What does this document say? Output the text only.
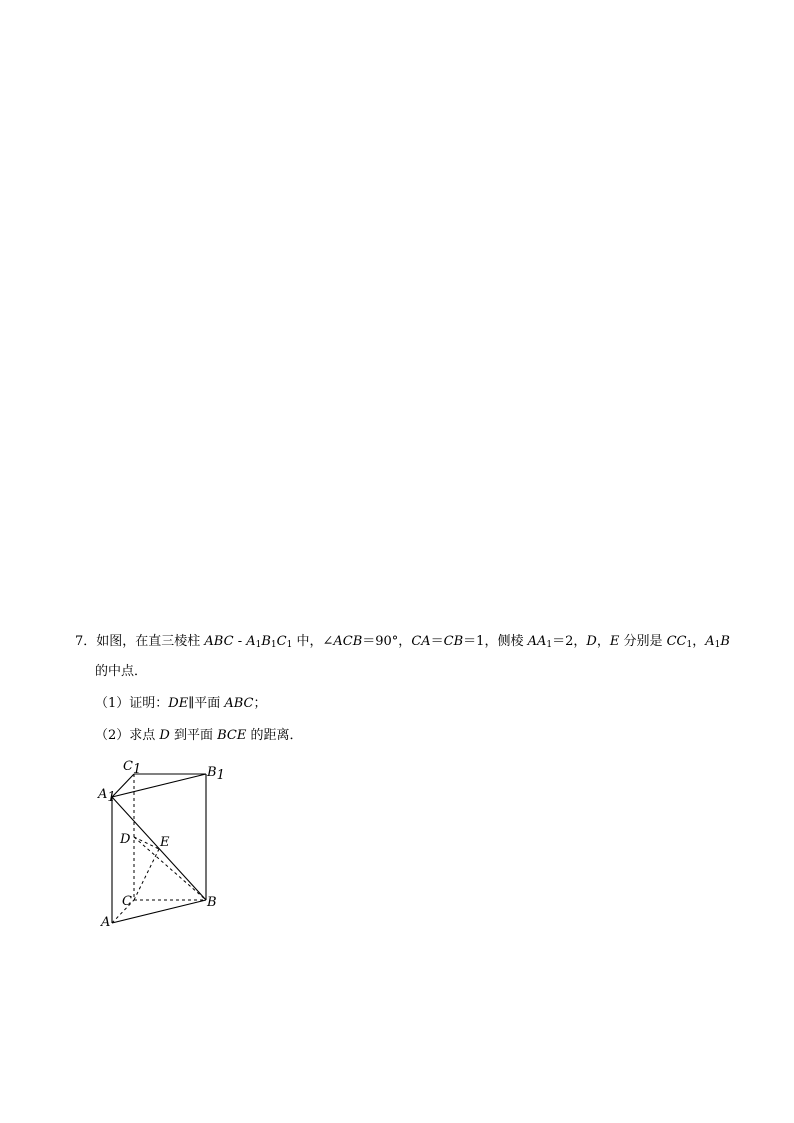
7．如图，在直三棱柱 ABC - $A_1B_1C_1$ 中，∠ACB＝90°，CA＝CB＝1，侧棱 $AA_1=2$，D，E 分别是 $CC_1$，$A_1B$
的中点．
（1）证明：DE∥平面 ABC；
（2）求点 D 到平面 BCE 的距离．
A1
C1	B1
D E
C	B
A
